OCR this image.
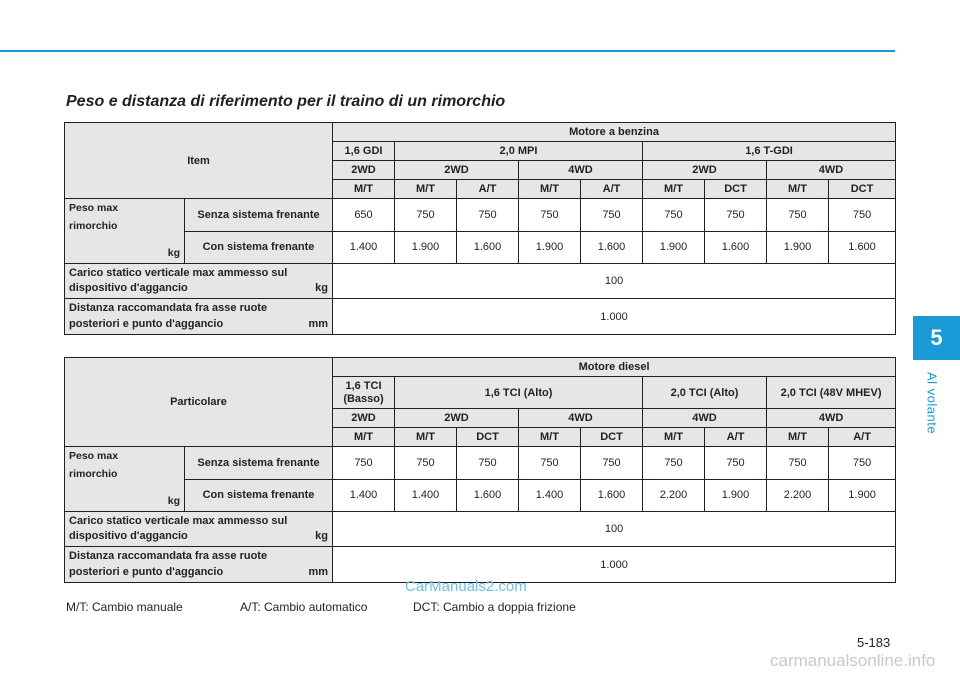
5
Al volante
Peso e distanza di riferimento per il traino di un rimorchio
Item		Motore a benzina								
		1,6 GDI	2,0 MPI				1,6 T-GDI			
		2WD	2WD		4WD		2WD		4WD	
		M/T	M/T	A/T	M/T	A/T	M/T	DCT	M/T	DCT

Peso max
rimorchio
kg	Senza sistema frenante	650	750	750	750	750	750	750	750	750
	Con sistema frenante	1.400	1.900	1.600	1.900	1.600	1.900	1.600	1.900	1.600

Carico statico verticale max ammesso sul
dispositivo d'aggancio kg		100								

Distanza raccomandata fra asse ruote
posteriori e punto d'aggancio mm		1.000								
Particolare		Motore diesel								
		1,6 TCI
(Basso)	1,6 TCI (Alto)				2,0 TCI (Alto)		2,0 TCI (48V MHEV)	
		2WD	2WD		4WD		4WD		4WD	
		M/T	M/T	DCT	M/T	DCT	M/T	A/T	M/T	A/T

Peso max
rimorchio
kg	Senza sistema frenante	750	750	750	750	750	750	750	750	750
	Con sistema frenante	1.400	1.400	1.600	1.400	1.600	2.200	1.900	2.200	1.900

Carico statico verticale max ammesso sul
dispositivo d'aggancio kg		100								

Distanza raccomandata fra asse ruote
posteriori e punto d'aggancio mm		1.000								
M/T: Cambio manuale	A/T: Cambio automatico	DCT: Cambio a doppia frizione
CarManuals2.com
5-183
carmanualsonline.info
